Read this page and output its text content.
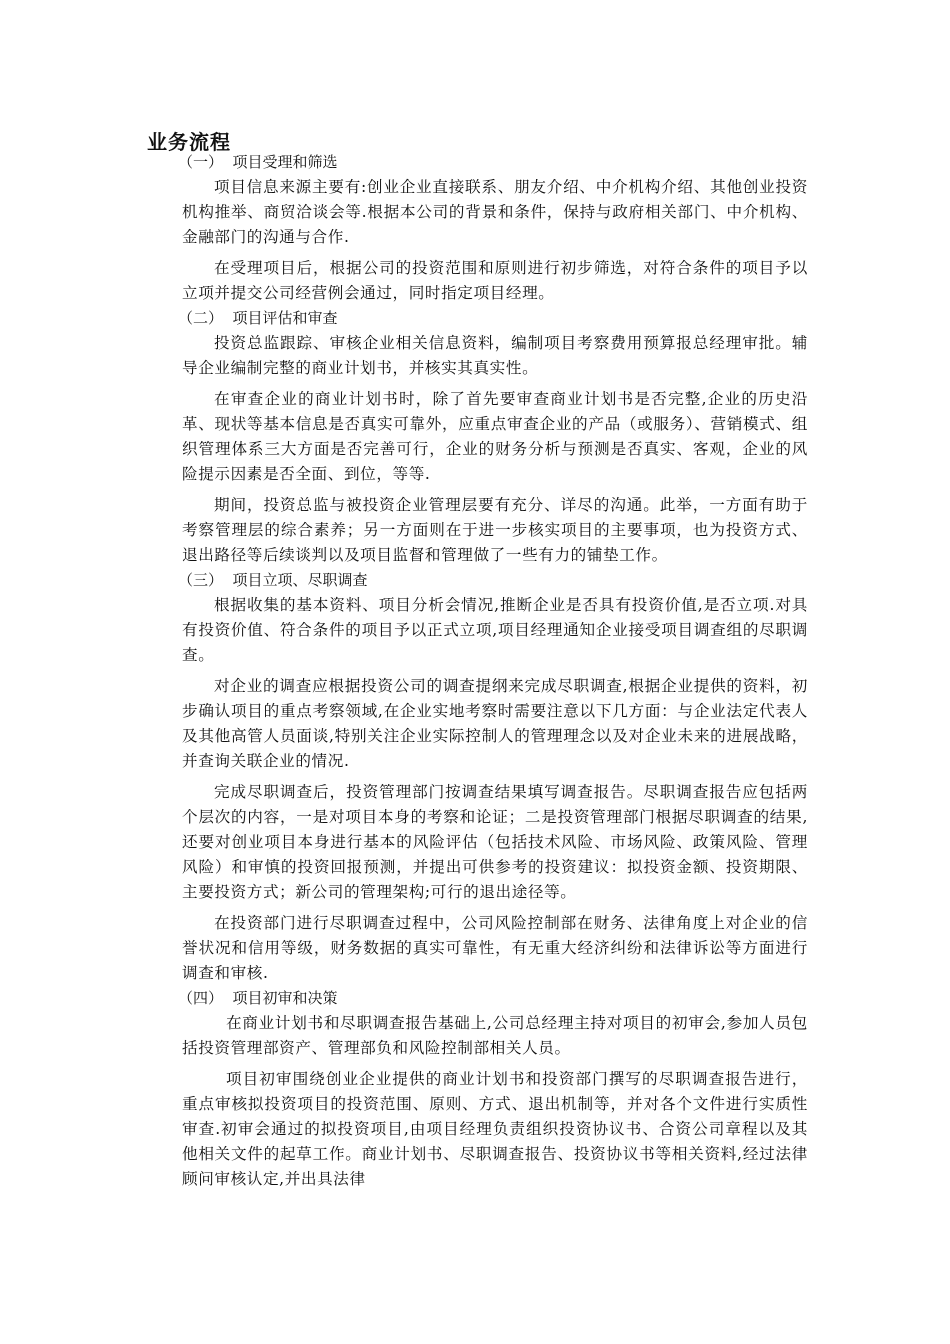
业务流程

（一）  项目受理和筛选

项目信息来源主要有:创业企业直接联系、朋友介绍、中介机构介绍、其他创业投资机构推举、商贸洽谈会等.根据本公司的背景和条件，保持与政府相关部门、中介机构、金融部门的沟通与合作.

在受理项目后，根据公司的投资范围和原则进行初步筛选，对符合条件的项目予以立项并提交公司经营例会通过，同时指定项目经理。

（二）  项目评估和审查

投资总监跟踪、审核企业相关信息资料，编制项目考察费用预算报总经理审批。辅导企业编制完整的商业计划书，并核实其真实性。

在审查企业的商业计划书时，除了首先要审查商业计划书是否完整,企业的历史沿革、现状等基本信息是否真实可靠外，应重点审查企业的产品（或服务）、营销模式、组织管理体系三大方面是否完善可行，企业的财务分析与预测是否真实、客观，企业的风险提示因素是否全面、到位，等等.

期间，投资总监与被投资企业管理层要有充分、详尽的沟通。此举，一方面有助于考察管理层的综合素养；另一方面则在于进一步核实项目的主要事项，也为投资方式、退出路径等后续谈判以及项目监督和管理做了一些有力的铺垫工作。

（三）  项目立项、尽职调查

根据收集的基本资料、项目分析会情况,推断企业是否具有投资价值,是否立项.对具有投资价值、符合条件的项目予以正式立项,项目经理通知企业接受项目调查组的尽职调查。

对企业的调查应根据投资公司的调查提纲来完成尽职调查,根据企业提供的资料，初步确认项目的重点考察领域,在企业实地考察时需要注意以下几方面：与企业法定代表人及其他高管人员面谈,特别关注企业实际控制人的管理理念以及对企业未来的进展战略，并查询关联企业的情况.

完成尽职调查后，投资管理部门按调查结果填写调查报告。尽职调查报告应包括两个层次的内容，一是对项目本身的考察和论证；二是投资管理部门根据尽职调查的结果,还要对创业项目本身进行基本的风险评估（包括技术风险、市场风险、政策风险、管理风险）和审慎的投资回报预测，并提出可供参考的投资建议：拟投资金额、投资期限、主要投资方式；新公司的管理架构;可行的退出途径等。

在投资部门进行尽职调查过程中，公司风险控制部在财务、法律角度上对企业的信誉状况和信用等级，财务数据的真实可靠性，有无重大经济纠纷和法律诉讼等方面进行调查和审核.

（四）  项目初审和决策

在商业计划书和尽职调查报告基础上,公司总经理主持对项目的初审会,参加人员包括投资管理部资产、管理部负和风险控制部相关人员。

项目初审围绕创业企业提供的商业计划书和投资部门撰写的尽职调查报告进行，重点审核拟投资项目的投资范围、原则、方式、退出机制等，并对各个文件进行实质性审查.初审会通过的拟投资项目,由项目经理负责组织投资协议书、合资公司章程以及其他相关文件的起草工作。商业计划书、尽职调查报告、投资协议书等相关资料,经过法律顾问审核认定,并出具法律
